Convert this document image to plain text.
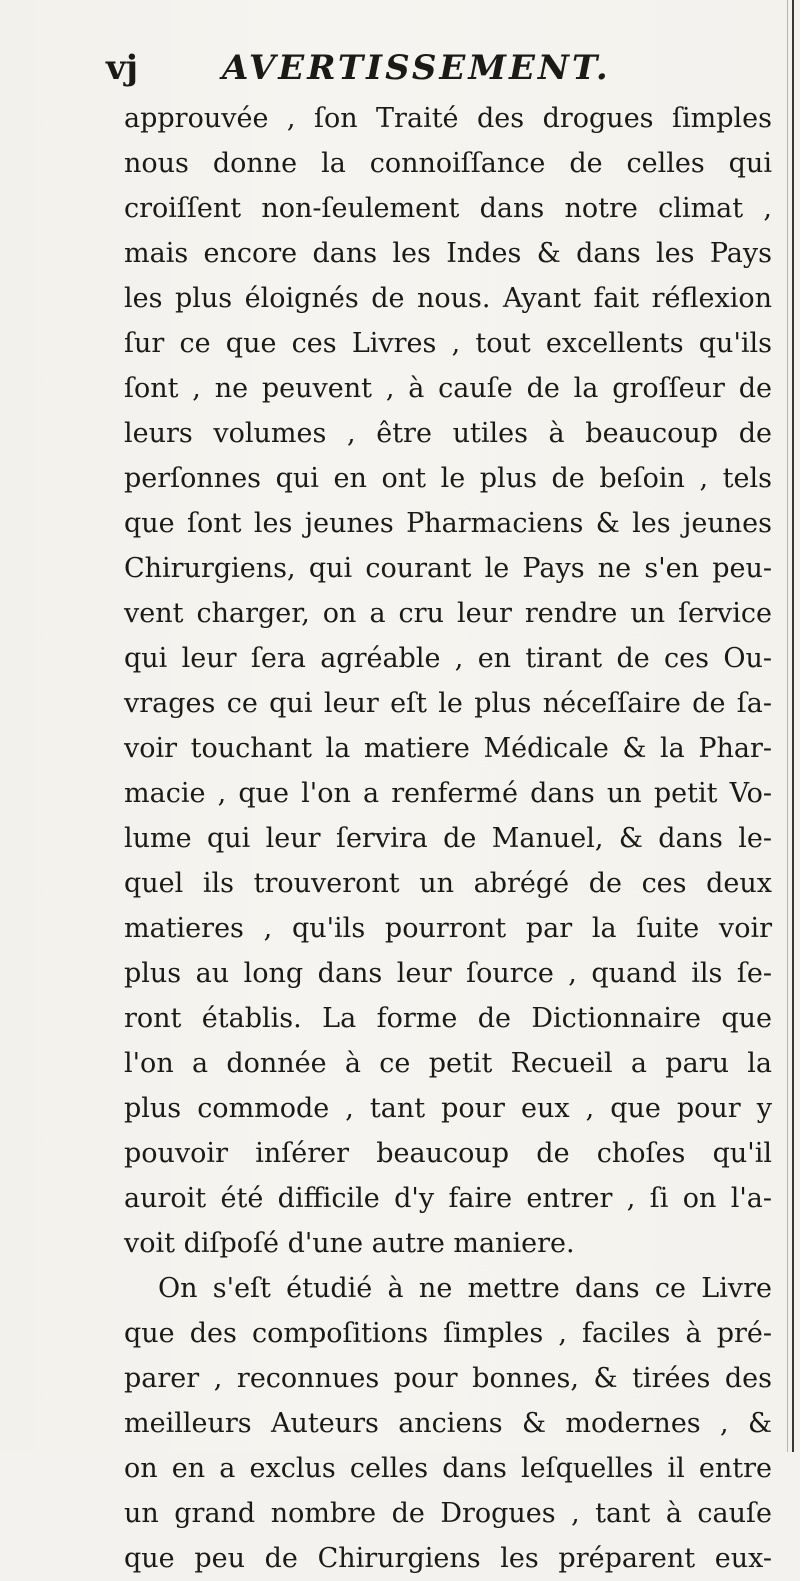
vj AVERTISSEMENT.
approuvée , ſon Traité des drogues ſimples
nous donne la connoiſſance de celles qui
croiſſent non-ſeulement dans notre climat ,
mais encore dans les Indes & dans les Pays
les plus éloignés de nous. Ayant fait réflexion
ſur ce que ces Livres , tout excellents qu'ils
ſont , ne peuvent , à cauſe de la groſſeur de
leurs volumes , être utiles à beaucoup de
perſonnes qui en ont le plus de beſoin , tels
que ſont les jeunes Pharmaciens & les jeunes
Chirurgiens, qui courant le Pays ne s'en peu-
vent charger, on a cru leur rendre un ſervice
qui leur ſera agréable , en tirant de ces Ou-
vrages ce qui leur eſt le plus néceſſaire de ſa-
voir touchant la matiere Médicale & la Phar-
macie , que l'on a renfermé dans un petit Vo-
lume qui leur ſervira de Manuel, & dans le-
quel ils trouveront un abrégé de ces deux
matieres , qu'ils pourront par la ſuite voir
plus au long dans leur ſource , quand ils ſe-
ront établis. La forme de Dictionnaire que
l'on a donnée à ce petit Recueil a paru la
plus commode , tant pour eux , que pour y
pouvoir inſérer beaucoup de choſes qu'il
auroit été difficile d'y faire entrer , ſi on l'a-
voit diſpoſé d'une autre maniere.
On s'eſt étudié à ne mettre dans ce Livre
que des compoſitions ſimples , faciles à pré-
parer , reconnues pour bonnes, & tirées des
meilleurs Auteurs anciens & modernes , &
on en a exclus celles dans leſquelles il entre
un grand nombre de Drogues , tant à cauſe
que peu de Chirurgiens les préparent eux-
